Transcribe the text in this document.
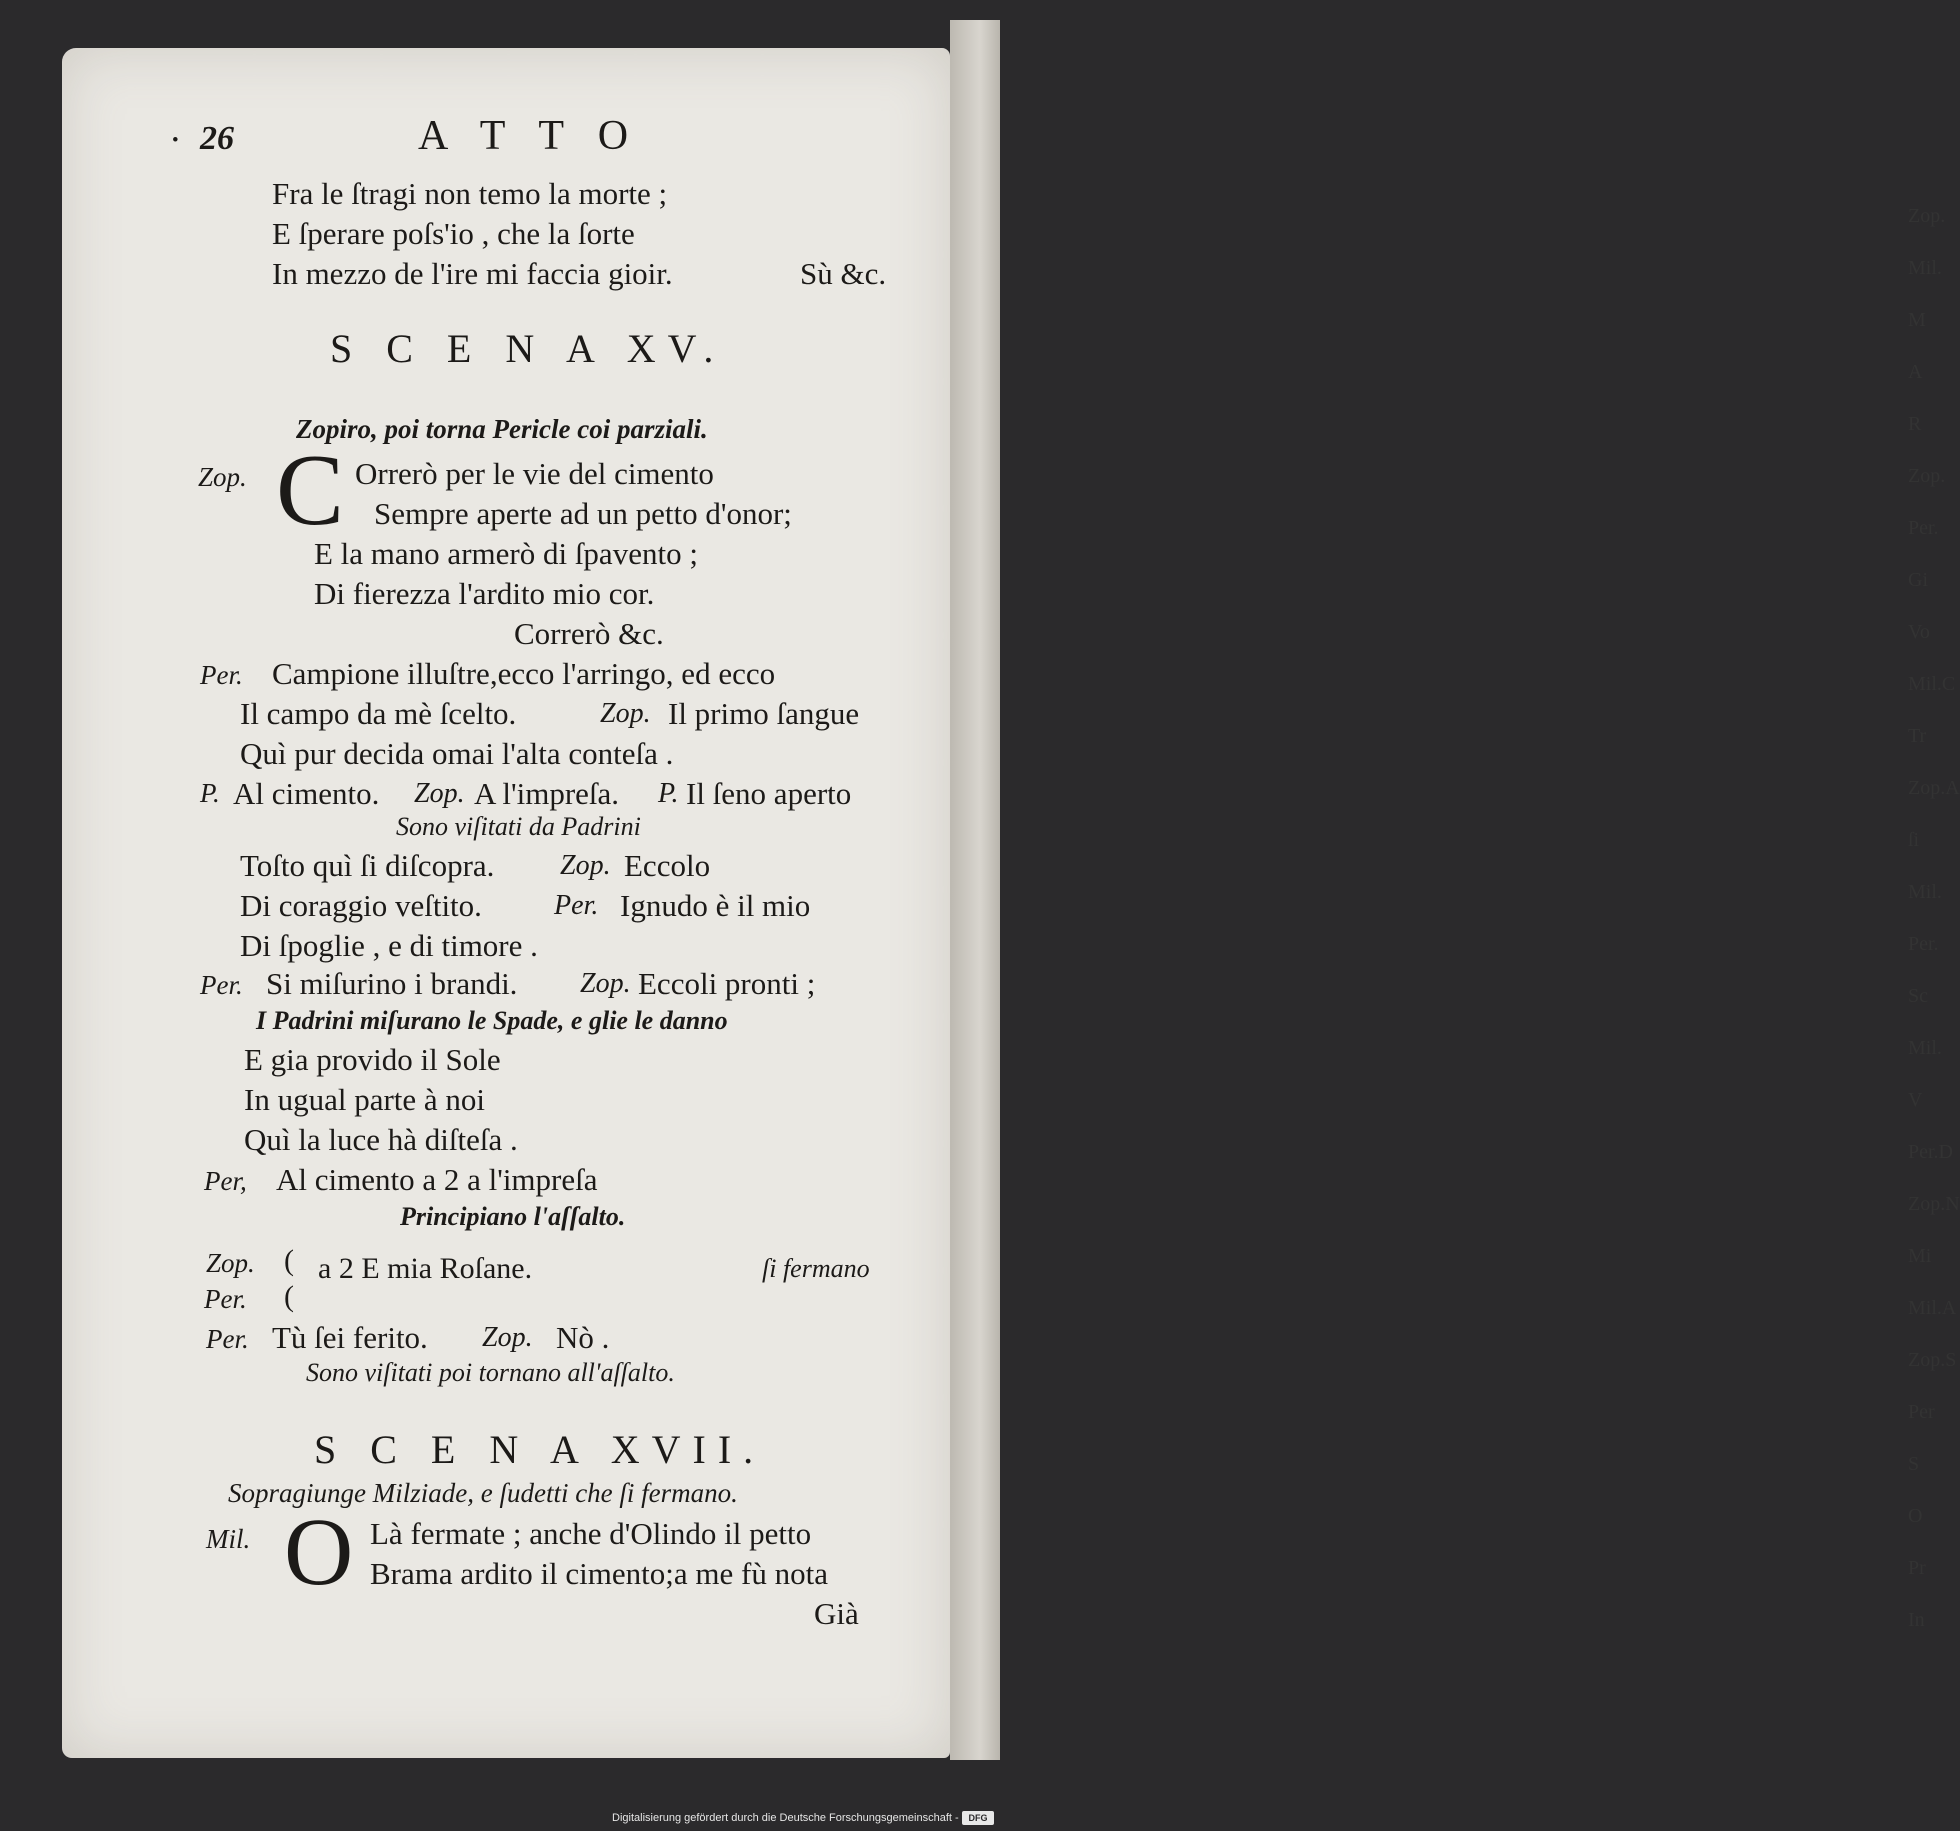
Zop.
Mil.
M
A
R
Zop.
Per.
Gi
Vo
Mil.C
Tr
Zop.A
ſi
Mil.
Per.
Sc
Mil.
V
Per.D
Zop.N
Mi
Mil.A
Zop.S
Per
S
O
Pr
In

• 26	A T T O
Fra le ſtragi non temo la morte ;
E ſperare poſs'io , che la ſorte
In mezzo de l'ire mi faccia gioir.	Sù &c.
S C E N A XV.
Zopiro, poi torna Pericle coi parziali.
Zop. C Orrerò per le vie del cimento
Sempre aperte ad un petto d'onor;
E la mano armerò di ſpavento ;
Di fierezza l'ardito mio cor.
Correrò &c.
Per. Campione illuſtre,ecco l'arringo, ed ecco
Il campo da mè ſcelto.	Zop. Il primo ſangue
Quì pur decida omai l'alta conteſa .
P. Al cimento. Zop. A l'impreſa. P. Il ſeno aperto
Sono viſitati da Padrini
Toſto quì ſi diſcopra. Zop. Eccolo
Di coraggio veſtito.	Per. Ignudo è il mio
Di ſpoglie , e di timore .
Per. Si miſurino i brandi. Zop. Eccoli pronti ;
I Padrini miſurano le Spade, e glie le danno
E gia provido il Sole
In ugual parte à noi
Quì la luce hà diſteſa .
Per, Al cimento a 2 a l'impreſa
Principiano l'aſſalto.
Zop.
Per.
(
(
a 2 E mia Roſane.	ſi fermano
Per. Tù ſei ferito. Zop. Nò .
Sono viſitati poi tornano all'aſſalto.
S C E N A XVII.
Sopragiunge Milziade, e ſudetti che ſi fermano.
Mil. O Là fermate ; anche d'Olindo il petto
Brama ardito il cimento;a me fù nota
Già
Digitalisierung gefördert durch die Deutsche Forschungsgemeinschaft -	DFG
